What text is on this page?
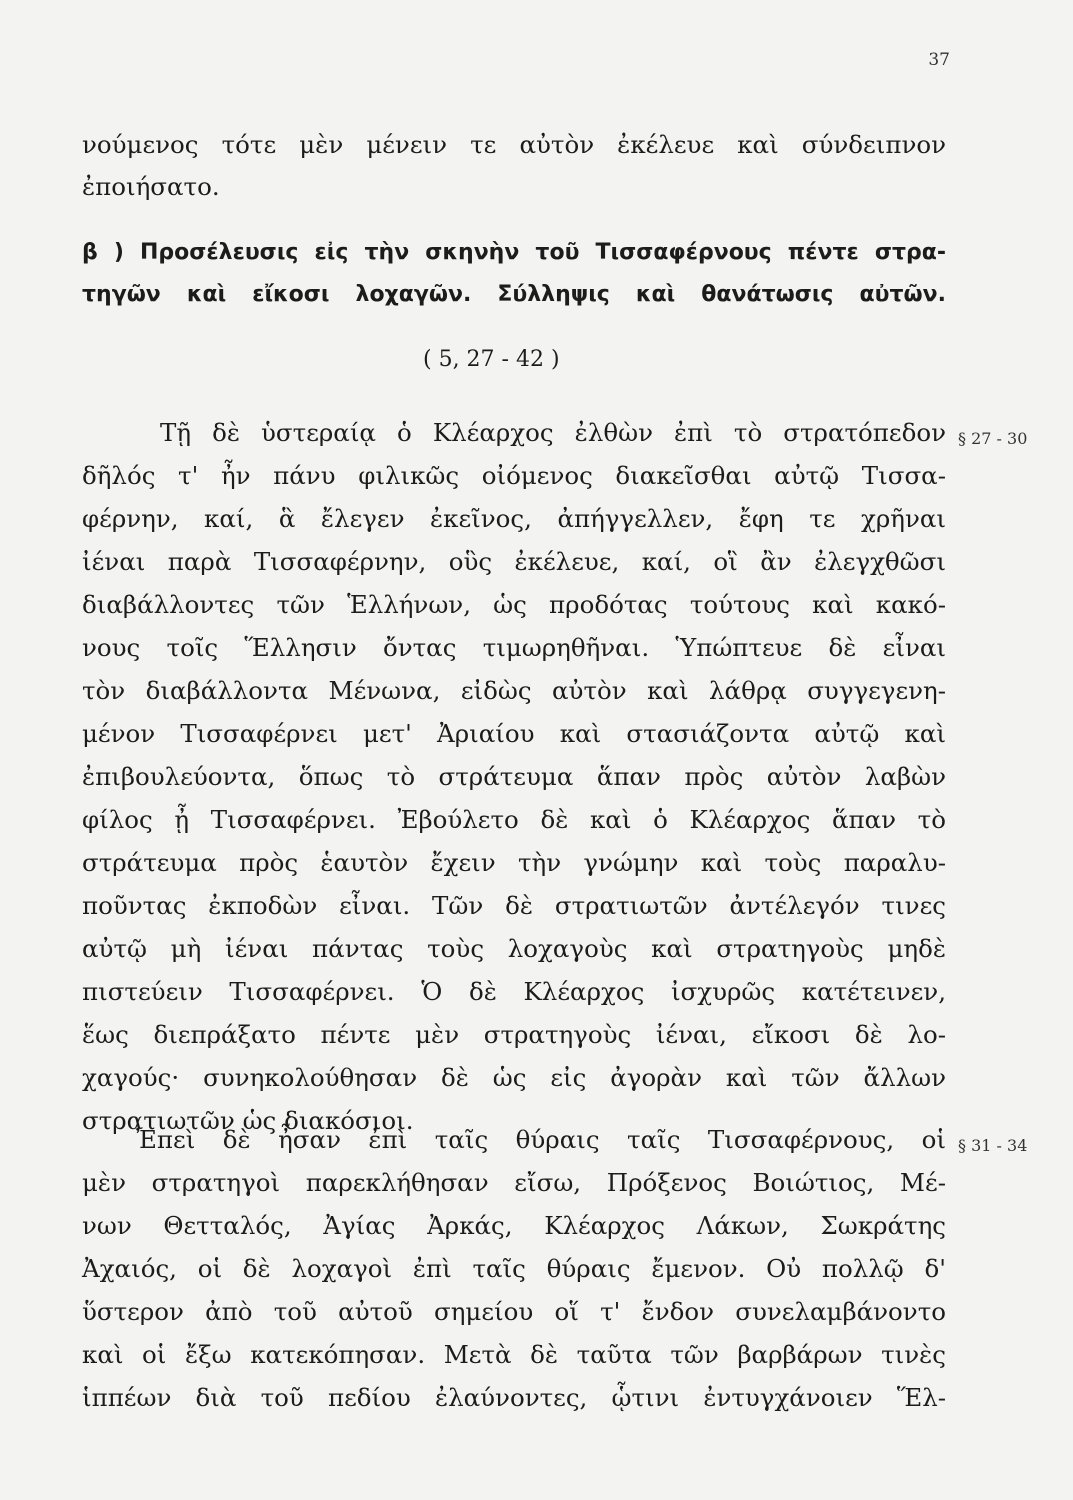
37
νούμενος τότε μὲν μένειν τε αὐτὸν ἐκέλευε καὶ σύνδειπνον
ἐποιήσατο.
β ) Προσέλευσις εἰς τὴν σκηνὴν τοῦ Τισσαφέρνους πέντε στρα-
τηγῶν καὶ εἴκοσι λοχαγῶν. Σύλληψις καὶ θανάτωσις αὐτῶν.
( 5, 27 - 42 )
§ 27 - 30
§ 31 - 34
Τῇ δὲ ὑστεραίᾳ ὁ Κλέαρχος ἐλθὼν ἐπὶ τὸ στρατόπεδον
δῆλός τ' ἦν πάνυ φιλικῶς οἰόμενος διακεῖσθαι αὐτῷ Τισσα-
φέρνην, καί, ἃ ἔλεγεν ἐκεῖνος, ἀπήγγελλεν, ἔφη τε χρῆναι
ἰέναι παρὰ Τισσαφέρνην, οὓς ἐκέλευε, καί, οἳ ἂν ἐλεγχθῶσι
διαβάλλοντες τῶν Ἑλλήνων, ὡς προδότας τούτους καὶ κακό-
νους τοῖς Ἕλλησιν ὄντας τιμωρηθῆναι. Ὑπώπτευε δὲ εἶναι
τὸν διαβάλλοντα Μένωνα, εἰδὼς αὐτὸν καὶ λάθρᾳ συγγεγενη-
μένον Τισσαφέρνει μετ' Ἀριαίου καὶ στασιάζοντα αὐτῷ καὶ
ἐπιβουλεύοντα, ὅπως τὸ στράτευμα ἅπαν πρὸς αὐτὸν λαβὼν
φίλος ᾖ Τισσαφέρνει. Ἐβούλετο δὲ καὶ ὁ Κλέαρχος ἅπαν τὸ
στράτευμα πρὸς ἑαυτὸν ἔχειν τὴν γνώμην καὶ τοὺς παραλυ-
ποῦντας ἐκποδὼν εἶναι. Τῶν δὲ στρατιωτῶν ἀντέλεγόν τινες
αὐτῷ μὴ ἰέναι πάντας τοὺς λοχαγοὺς καὶ στρατηγοὺς μηδὲ
πιστεύειν Τισσαφέρνει. Ὁ δὲ Κλέαρχος ἰσχυρῶς κατέτεινεν,
ἕως διεπράξατο πέντε μὲν στρατηγοὺς ἰέναι, εἴκοσι δὲ λο-
χαγούς· συνηκολούθησαν δὲ ὡς εἰς ἀγορὰν καὶ τῶν ἄλλων
στρατιωτῶν ὡς διακόσιοι.
Ἐπεὶ δὲ ἦσαν ἐπὶ ταῖς θύραις ταῖς Τισσαφέρνους, οἱ
μὲν στρατηγοὶ παρεκλήθησαν εἴσω, Πρόξενος Βοιώτιος, Μέ-
νων Θετταλός, Ἀγίας Ἀρκάς, Κλέαρχος Λάκων, Σωκράτης
Ἀχαιός, οἱ δὲ λοχαγοὶ ἐπὶ ταῖς θύραις ἔμενον. Οὐ πολλῷ δ'
ὕστερον ἀπὸ τοῦ αὐτοῦ σημείου οἵ τ' ἔνδον συνελαμβάνοντο
καὶ οἱ ἔξω κατεκόπησαν. Μετὰ δὲ ταῦτα τῶν βαρβάρων τινὲς
ἱππέων διὰ τοῦ πεδίου ἐλαύνοντες, ᾧτινι ἐντυγχάνοιεν Ἕλ-
